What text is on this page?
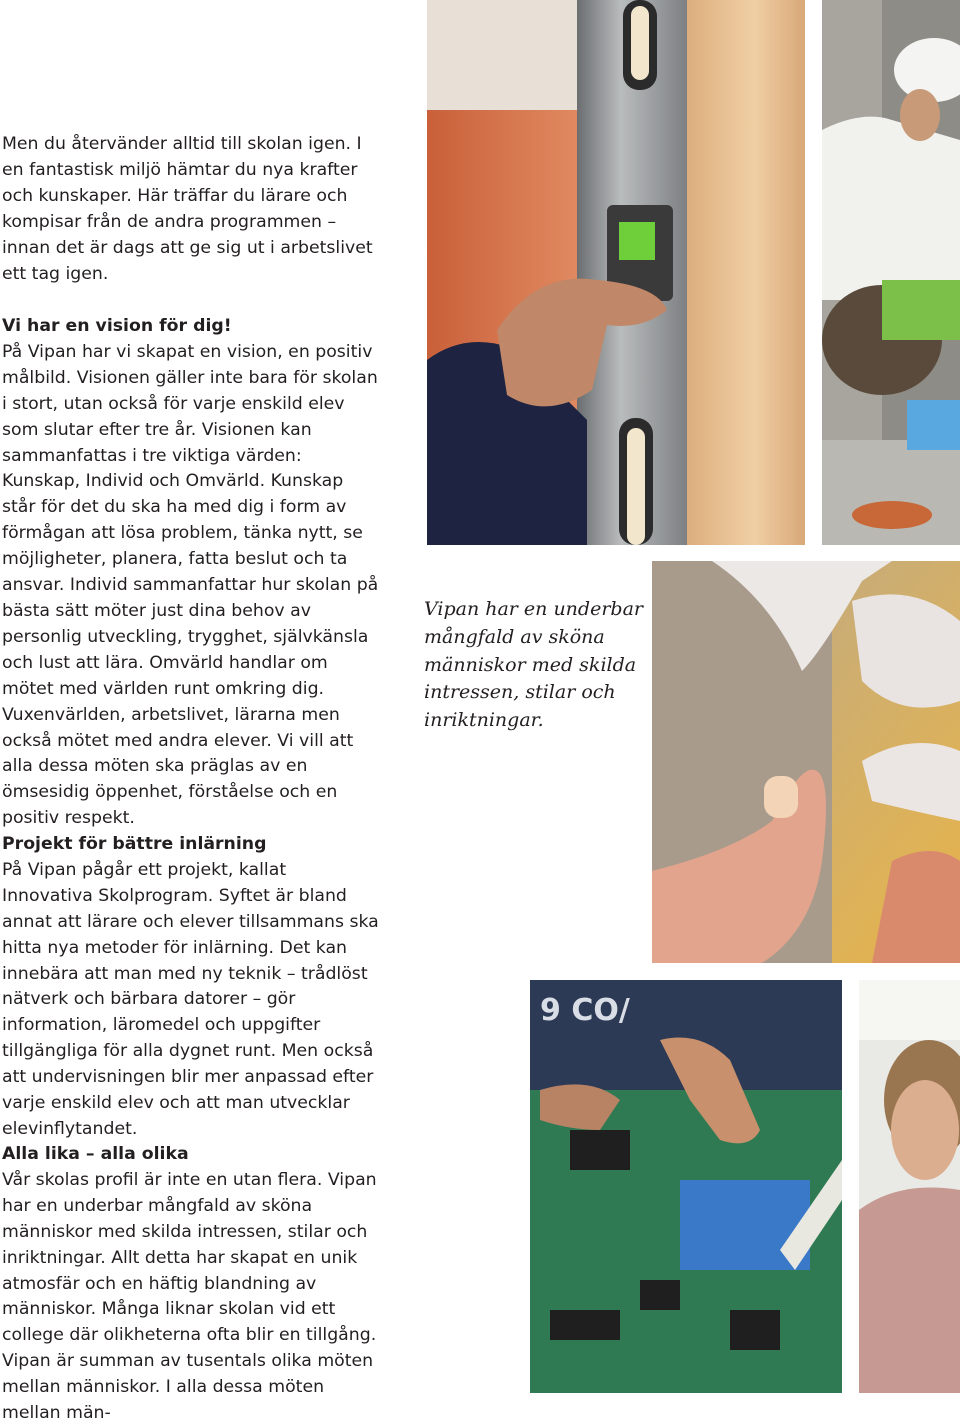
Men du återvänder alltid till skolan igen. I en fantastisk miljö hämtar du nya krafter och kunskaper. Här träffar du lärare och kompisar från de andra programmen – innan det är dags att ge sig ut i arbetslivet ett tag igen.

Vi har en vision för dig!

På Vipan har vi skapat en vision, en positiv målbild. Visionen gäller inte bara för skolan i stort, utan också för varje enskild elev som slutar efter tre år. Visionen kan sammanfattas i tre viktiga värden: Kunskap, Individ och Omvärld. Kunskap står för det du ska ha med dig i form av förmågan att lösa problem, tänka nytt, se möjligheter, planera, fatta beslut och ta ansvar. Individ sammanfattar hur skolan på bästa sätt möter just dina behov av personlig utveckling, trygghet, självkänsla och lust att lära. Omvärld handlar om mötet med världen runt omkring dig. Vuxenvärlden, arbetslivet, lärarna men också mötet med andra elever. Vi vill att alla dessa möten ska präglas av en ömsesidig öppenhet, förståelse och en positiv respekt.

Projekt för bättre inlärning

På Vipan pågår ett projekt, kallat Innovativa Skolprogram. Syftet är bland annat att lärare och elever tillsammans ska hitta nya metoder för inlärning. Det kan innebära att man med ny teknik – trådlöst nätverk och bärbara datorer – gör information, läromedel och uppgifter tillgängliga för alla dygnet runt. Men också att undervisningen blir mer anpassad efter varje enskild elev och att man utvecklar elevinflytandet.

Alla lika – alla olika

Vår skolas profil är inte en utan flera. Vipan har en underbar mångfald av sköna människor med skilda intressen, stilar och inriktningar. Allt detta har skapat en unik atmosfär och en häftig blandning av människor. Många liknar skolan vid ett college där olikheterna ofta blir en tillgång. Vipan är summan av tusentals olika möten mellan människor. I alla dessa möten mellan män-

Vipan har en underbar mångfald av sköna människor med skilda intressen, stilar och inriktningar.
9 CO/
